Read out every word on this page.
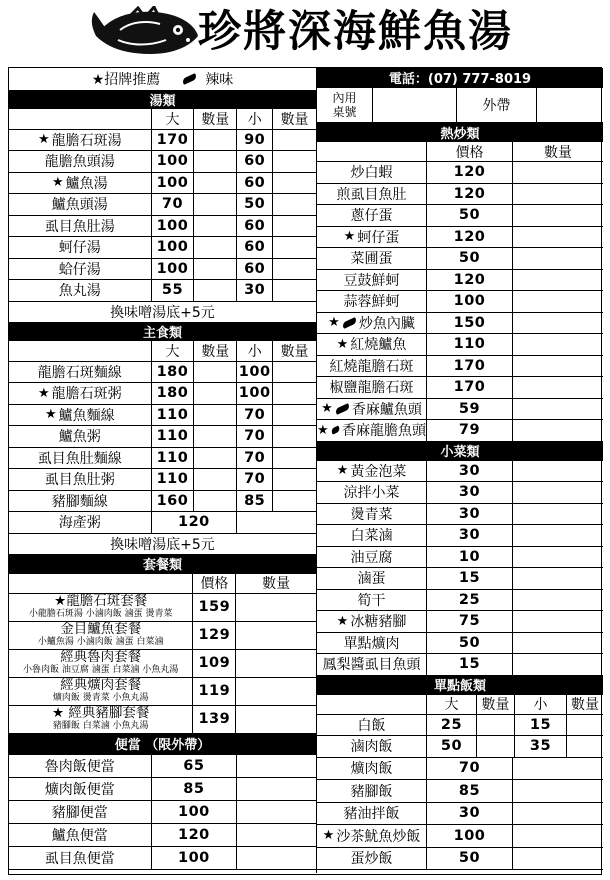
珍將深海鮮魚湯
★招牌推薦	辣味
湯類
大 數量 小 數量
★ 龍膽石斑湯 170	90
龍膽魚頭湯	100	60
★ 鱸魚湯	100	60
鱸魚頭湯	70	50
虱目魚肚湯	100	60
蚵仔湯	100	60
蛤仔湯	100	60
魚丸湯	55	30
換味噌湯底+5元
主食類
大 數量 小 數量
龍膽石斑麵線 180	100
★ 龍膽石斑粥 180	100
★ 鱸魚麵線	110	70
鱸魚粥	110	70
虱目魚肚麵線 110	70
虱目魚肚粥	110	70
豬腳麵線	160	85
海產粥	120
換味噌湯底+5元
套餐類
價格 數量
★龍膽石斑套餐
小龍膽石斑湯 小滷肉飯 滷蛋 燙青菜 159
金目鱸魚套餐
小鱸魚湯 小滷肉飯 滷蛋 白菜滷 129
經典魯肉套餐
小魯肉飯 油豆腐 滷蛋 白菜滷 小魚丸湯 109
經典爌肉套餐
爌肉飯 燙青菜 小魚丸湯	119
★ 經典豬腳套餐
豬腳飯 白菜滷 小魚丸湯	139
便當 （限外帶）
魯肉飯便當	65
爌肉飯便當	85
豬腳便當	100
鱸魚便當	120
虱目魚便當	100
電話：(07) 777-8019
內用
桌號	外帶
熱炒類
價格	數量
炒白蝦	120
煎虱目魚肚	120
蔥仔蛋	50
★ 蚵仔蛋	120
菜圃蛋	50
豆鼓鮮蚵	120
蒜蓉鮮蚵	100
★ 炒魚內臟	150
★ 紅燒鱸魚	110
紅燒龍膽石斑	170
椒鹽龍膽石斑	170
★ 香麻鱸魚頭	59
★ 香麻龍膽魚頭 79
小菜類
★ 黃金泡菜	30
涼拌小菜	30
燙青菜	30
白菜滷	30
油豆腐	10
滷蛋	15
筍干	25
★ 冰糖豬腳	75
單點爌肉	50
鳳梨醬虱目魚頭	15
單點飯類
大 數量 小 數量
白飯	25	15
滷肉飯	50	35
爌肉飯	70
豬腳飯	85
豬油拌飯	30
★ 沙茶魷魚炒飯 100
蛋炒飯	50
